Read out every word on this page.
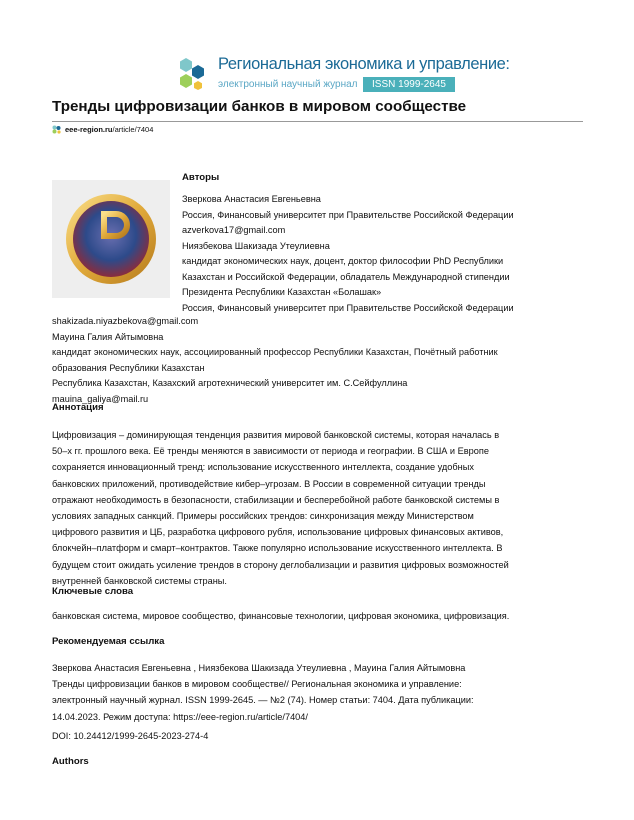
Региональная экономика и управление:
электронный научный журнал	ISSN 1999-2645
Тренды цифровизации банков в мировом сообществе
eee-region.ru /article/7404
Авторы
Зверкова Анастасия Евгеньевна
Россия, Финансовый университет при Правительстве Российской Федерации
azverkova17@gmail.com
Ниязбекова Шакизада Утеулиевна
кандидат экономических наук, доцент, доктор философии PhD Республики
Казахстан и Российской Федерации, обладатель Международной стипендии
Президента Республики Казахстан «Болашак»
Россия, Финансовый университет при Правительстве Российской Федерации
shakizada.niyazbekova@gmail.com
Мауина Галия Айтымовна
кандидат экономических наук, ассоциированный профессор Республики Казахстан, Почётный работник
образования Республики Казахстан
Республика Казахстан, Казахский агротехнический университет им. С.Сейфуллина
mauina_galiya@mail.ru
Аннотация

Цифровизация – доминирующая тенденция развития мировой банковской системы, которая началась в

50–х гг. прошлого века. Её тренды меняются в зависимости от периода и географии. В США и Европе

сохраняется инновационный тренд: использование искусственного интеллекта, создание удобных

банковских приложений, противодействие кибер–угрозам. В России в современной ситуации тренды

отражают необходимость в безопасности, стабилизации и бесперебойной работе банковской системы в

условиях западных санкций. Примеры российских трендов: синхронизация между Министерством

цифрового развития и ЦБ, разработка цифрового рубля, использование цифровых финансовых активов,

блокчейн–платформ и смарт–контрактов. Также популярно использование искусственного интеллекта. В

будущем стоит ожидать усиление трендов в сторону деглобализации и развития цифровых возможностей

внутренней банковской системы страны.

Ключевые слова
банковская система, мировое сообщество, финансовые технологии, цифровая экономика, цифровизация.
Рекомендуемая ссылка

Зверкова Анастасия Евгеньевна , Ниязбекова Шакизада Утеулиевна , Мауина Галия Айтымовна

Тренды цифровизации банков в мировом сообществе// Региональная экономика и управление:

электронный научный журнал. ISSN 1999-2645. — №2 (74). Номер статьи: 7404. Дата публикации:

14.04.2023. Режим доступа: https://eee-region.ru/article/7404/

DOI: 10.24412/1999-2645-2023-274-4
Authors
